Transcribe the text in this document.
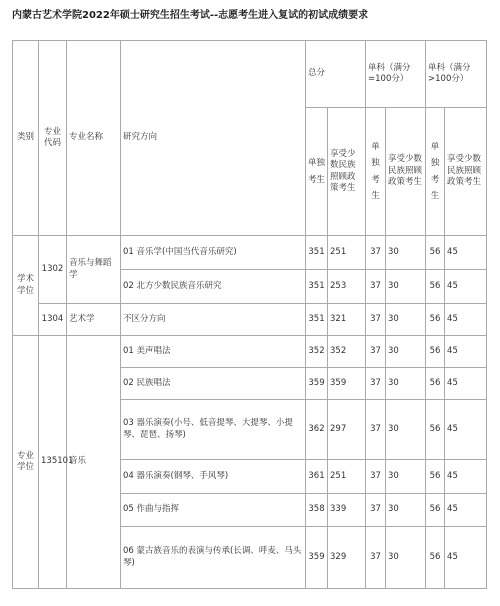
内蒙古艺术学院2022年硕士研究生招生考试--志愿考生进入复试的初试成绩要求
类别	专业代码	专业名称	研究方向	总分		单科（满分=100分）		单科（满分>100分）	
				单独考生	享受少数民族照顾政策考生	单独考生	享受少数民族照顾政策考生	单独考生	享受少数民族照顾政策考生
学术学位	1302	音乐与舞蹈学	01 音乐学(中国当代音乐研究)	351	251	37	30	56	45
			02 北方少数民族音乐研究	351	253	37	30	56	45
	1304	艺术学	不区分方向	351	321	37	30	56	45
专业学位	135101	音乐	01 美声唱法	352	352	37	30	56	45
			02 民族唱法	359	359	37	30	56	45
			03 器乐演奏(小号、低音提琴、大提琴、小提琴、琵琶、扬琴)	362	297	37	30	56	45
			04 器乐演奏(钢琴、手风琴)	361	251	37	30	56	45
			05 作曲与指挥	358	339	37	30	56	45
			06 蒙古族音乐的表演与传承(长调、呼麦、马头琴)	359	329	37	30	56	45
